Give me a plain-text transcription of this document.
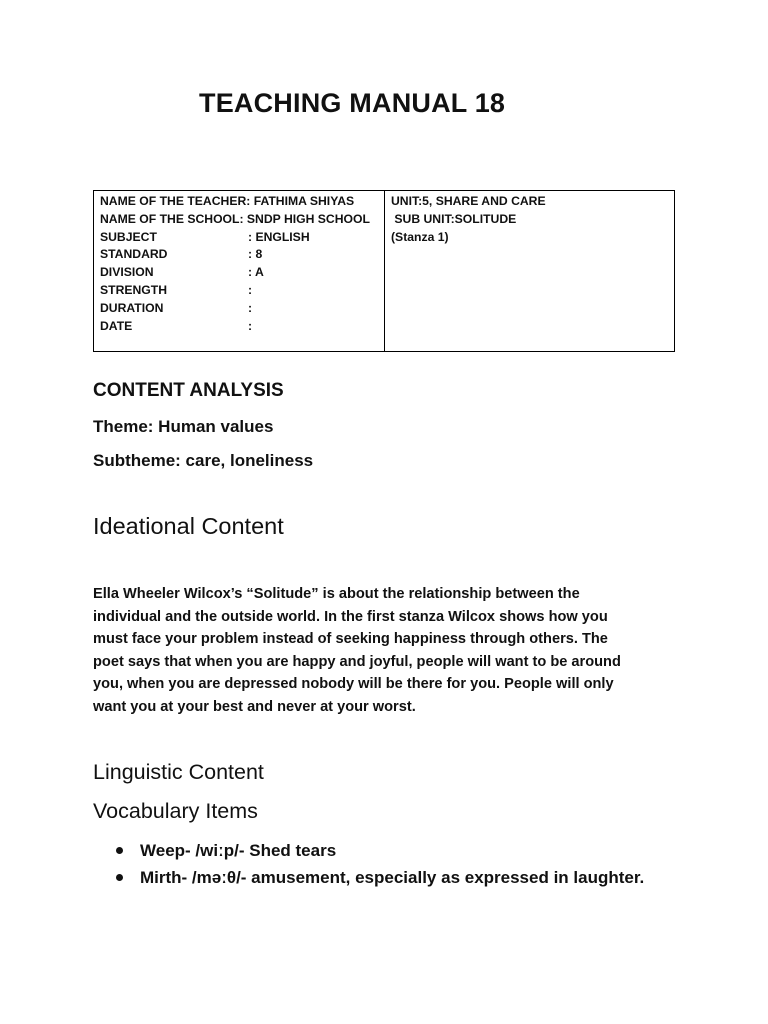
TEACHING MANUAL 18
NAME OF THE TEACHER: FATHIMA SHIYAS
NAME OF THE SCHOOL: SNDP HIGH SCHOOL
SUBJECT	: ENGLISH
STANDARD	: 8
DIVISION	: A
STRENGTH	:
DURATION	:
DATE	:
UNIT:5, SHARE AND CARE
SUB UNIT:SOLITUDE
(Stanza 1)
CONTENT ANALYSIS
Theme: Human values
Subtheme: care, loneliness
Ideational Content

Ella Wheeler Wilcox’s “Solitude” is about the relationship between the

individual and the outside world. In the first stanza Wilcox shows how you

must face your problem instead of seeking happiness through others. The

poet says that when you are happy and joyful, people will want to be around

you, when you are depressed nobody will be there for you. People will only

want you at your best and never at your worst.

Linguistic Content
Vocabulary Items
Weep- /wiːp/- Shed tears
Mirth- /məːθ/- amusement, especially as expressed in laughter.
